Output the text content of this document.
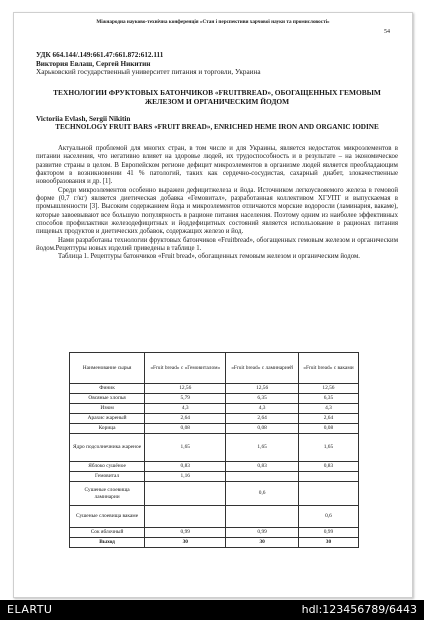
Міжнародна науково-технічна конференція «Стан і перспективи харчової науки та промисловості»
54
УДК 664.144/.149:661.47:661.872:612.111
Виктория Евлаш, Сергей Никитин
Харьковский государственный университет питания и торговли, Украина
ТЕХНОЛОГИИ ФРУКТОВЫХ БАТОНЧИКОВ «FRUITBREAD», ОБОГАЩЕННЫХ ГЕМОВЫМ ЖЕЛЕЗОМ И ОРГАНИЧЕСКИМ ЙОДОМ
Victoriia Evlash, Sergii Nikitin
TECHNOLOGY FRUIT BARS «FRUIT BREAD», ENRICHED HEME IRON AND ORGANIC IODINE

Актуальной проблемой для многих стран, в том числе и для Украины, является недостаток микроэлементов в питании населения, что негативно влияет на здоровье людей, их трудоспособность и в результате – на экономическое развитие страны в целом. В Европейском регионе дефицит микроэлементов в организме людей является преобладающим фактором в возникновении 41 % патологий, таких как сердечно-сосудистая, сахарный диабет, злокачественные новообразования и др. [1].

Среди микроэлементов особенно выражен дефицитжелеза и йода. Источником легкоусвояемого железа в гемовой форме (0,7 г/кг) является диетическая добавка «Гемовитал», разработанная коллективом ХГУПТ и выпускаемая в промышленности [3]. Высоким содержанием йода и микроэлементов отличаются морские водоросли (ламинария, вакаме), которые завоевывают все большую популярность в рационе питания населения. Поэтому одним из наиболее эффективных способов профилактики железодефицитных и йоддефицитных состояний является использование в рационах питания пищевых продуктов и диетических добавок, содержащих железо и йод.

Нами разработаны технологии фруктовых батончиков «Fruitbread», обогащенных гемовым железом и органическим йодом.Рецептуры новых изделий приведены в таблице 1.

Таблица 1. Рецептуры батончиков «Fruit bread», обогащенных гемовым железом и органическим йодом.

Наименование сырья	«Fruit bread» с «Гемовиталом»	«Fruit bread» с ламинарией	«Fruit bread» с ваками
Финик	12,56	12,56	12,56
Овсяные хлопья	5,79	6,35	6,35
Изюм	4,3	4,3	4,3
Арахис жареный	2,64	2,64	2,64
Корица	0,08	0,08	0,08
Ядро подсолнечника жареное	1,65	1,65	1,65
Яблоко сушёное	0,83	0,83	0,83
Гемовитал	1,16		
Сушеные слоевища ламинарии		0,6	
Сушеные слоевища вакаме			0,6
Сок яблочный	0,99	0,99	0,99
Выход	30	30	30
ELARTU	hdl:123456789/6443
